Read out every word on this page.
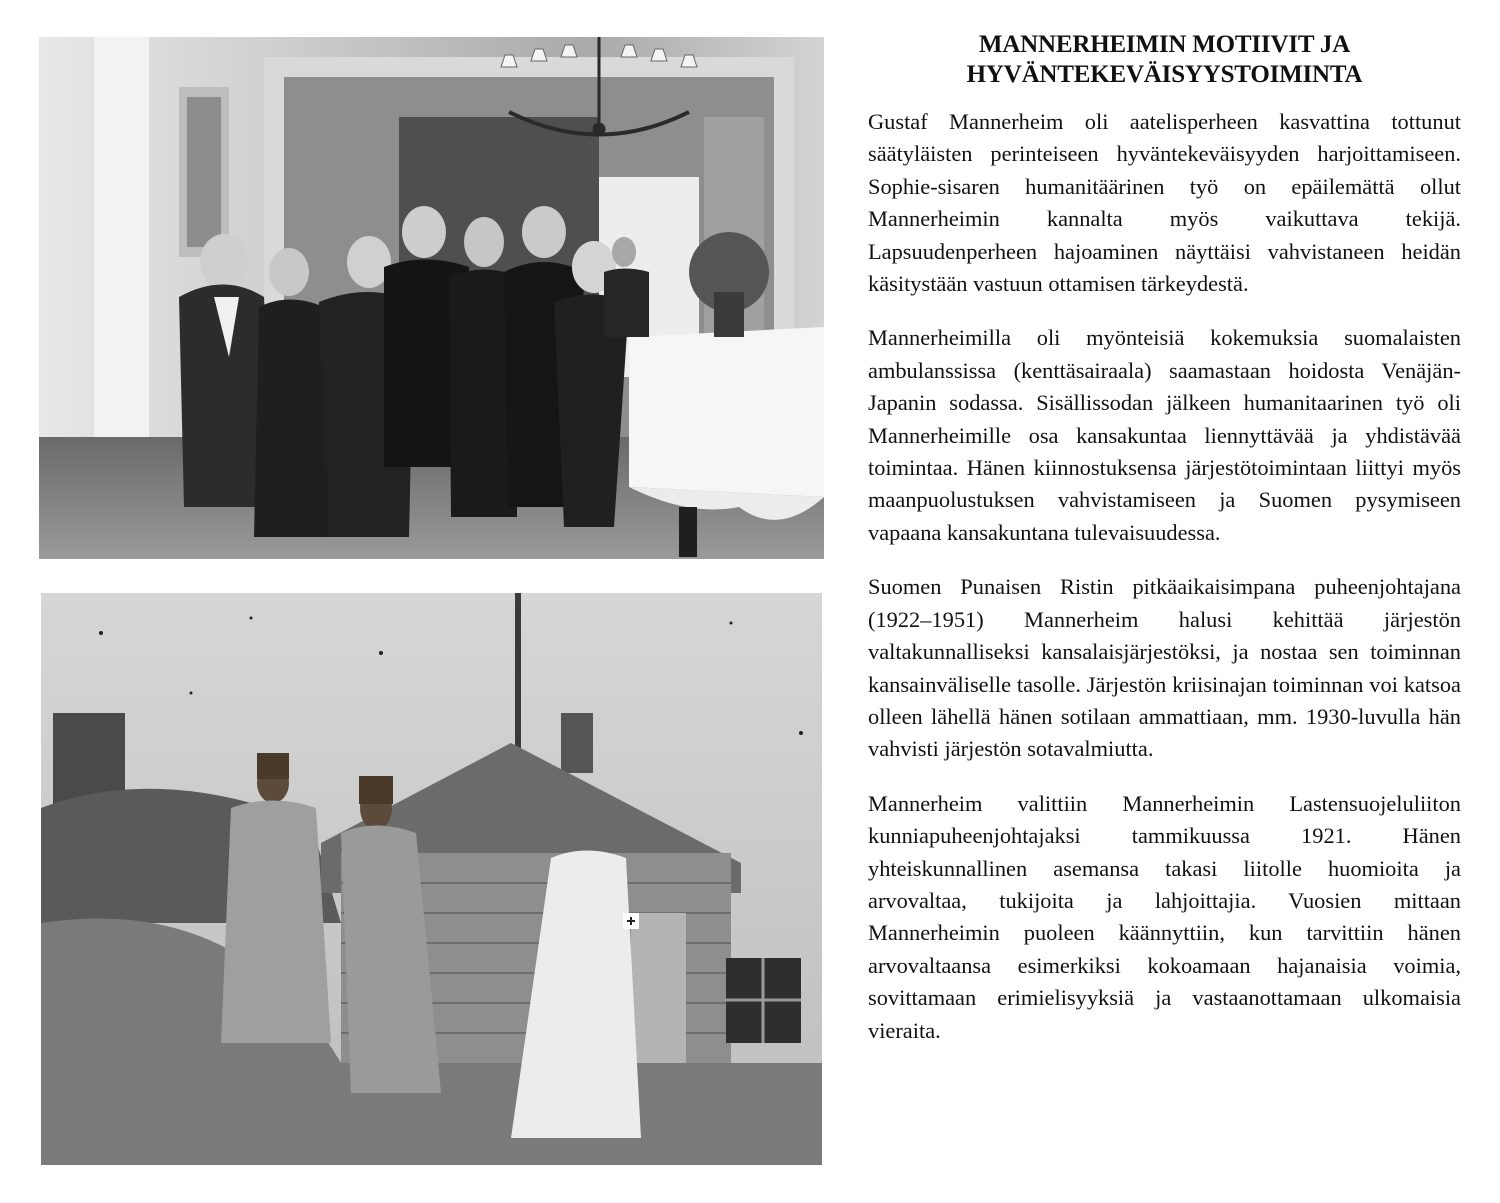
MANNERHEIMIN MOTIIVIT JA HYVÄNTEKEVÄISYYSTOIMINTA

Gustaf Mannerheim oli aatelisperheen kasvattina tottunut säätyläisten perinteiseen hyväntekeväisyyden harjoittamiseen. Sophie-sisaren humanitäärinen työ on epäilemättä ollut Mannerheimin kannalta myös vaikuttava tekijä. Lapsuudenperheen hajoaminen näyttäisi vahvistaneen heidän käsitystään vastuun ottamisen tärkeydestä.

Mannerheimilla oli myönteisiä kokemuksia suomalaisten ambulanssissa (kenttäsairaala) saamastaan hoidosta Venäjän-Japanin sodassa. Sisällissodan jälkeen humanitaarinen työ oli Mannerheimille osa kansakuntaa liennyttävää ja yhdistävää toimintaa. Hänen kiinnostuksensa järjestötoimintaan liittyi myös maanpuolustuksen vahvistamiseen ja Suomen pysymiseen vapaana kansakuntana tulevaisuudessa.

Suomen Punaisen Ristin pitkäaikaisimpana puheenjohtajana (1922–1951) Mannerheim halusi kehittää järjestön valtakunnalliseksi kansalaisjärjestöksi, ja nostaa sen toiminnan kansainväliselle tasolle. Järjestön kriisinajan toiminnan voi katsoa olleen lähellä hänen sotilaan ammattiaan, mm. 1930-luvulla hän vahvisti järjestön sotavalmiutta.

Mannerheim valittiin Mannerheimin Lastensuojeluliiton kunniapuheenjohtajaksi tammikuussa 1921. Hänen yhteiskunnallinen asemansa takasi liitolle huomioita ja arvovaltaa, tukijoita ja lahjoittajia. Vuosien mittaan Mannerheimin puoleen käännyttiin, kun tarvittiin hänen arvovaltaansa esimerkiksi kokoamaan hajanaisia voimia, sovittamaan erimielisyyksiä ja vastaanottamaan ulkomaisia vieraita.
